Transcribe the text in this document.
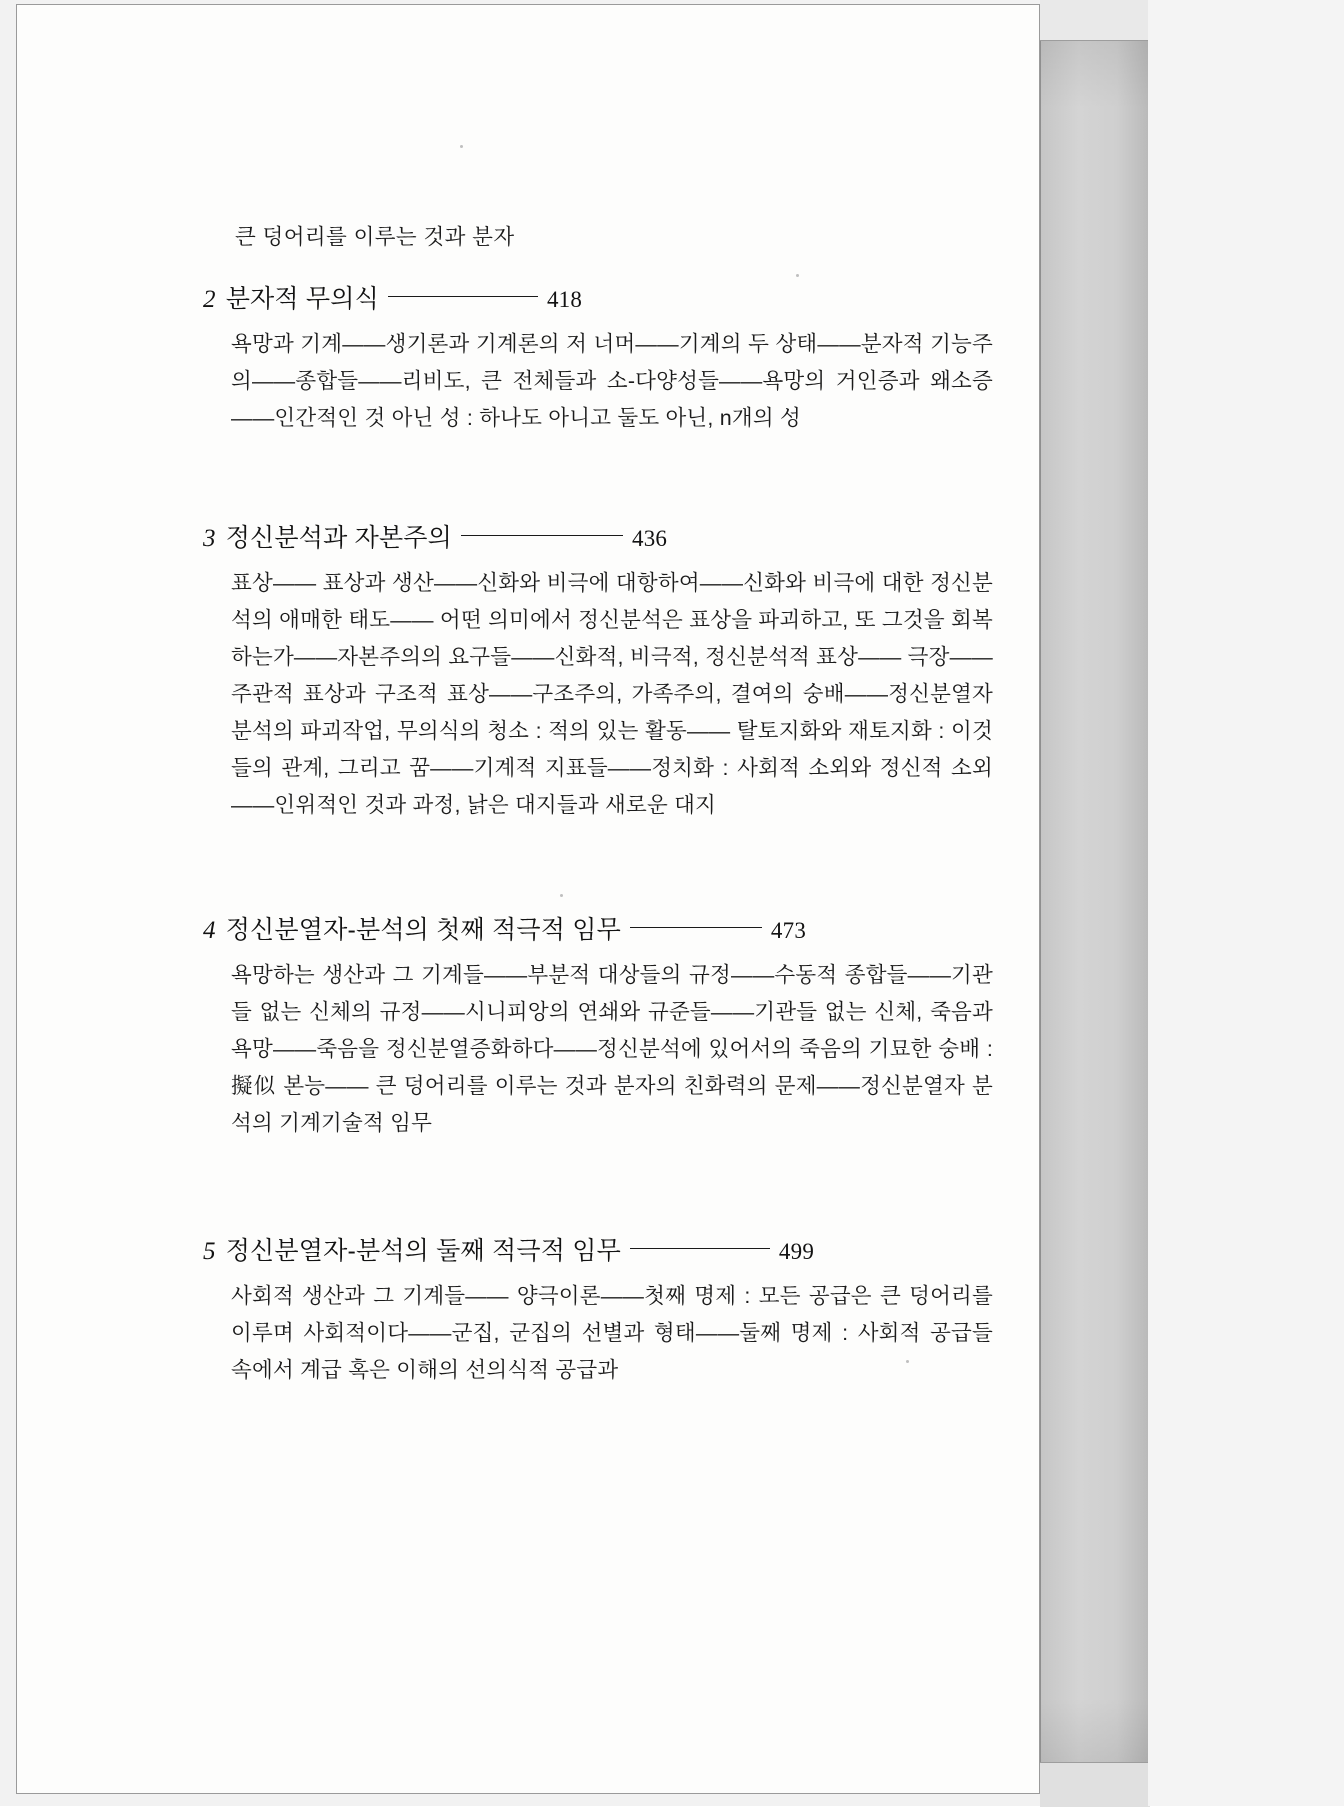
큰 덩어리를 이루는 것과 분자
2 분자적 무의식	418
욕망과 기계——생기론과 기계론의 저 너머——기계의 두 상태——분자적 기능주의——종합들——리비도, 큰 전체들과 소-다양성들——욕망의 거인증과 왜소증——인간적인 것 아닌 성 : 하나도 아니고 둘도 아닌, n개의 성
3 정신분석과 자본주의	436
표상—— 표상과 생산——신화와 비극에 대항하여——신화와 비극에 대한 정신분석의 애매한 태도—— 어떤 의미에서 정신분석은 표상을 파괴하고, 또 그것을 회복하는가——자본주의의 요구들——신화적, 비극적, 정신분석적 표상—— 극장—— 주관적 표상과 구조적 표상——구조주의, 가족주의, 결여의 숭배——정신분열자 분석의 파괴작업, 무의식의 청소 : 적의 있는 활동—— 탈토지화와 재토지화 : 이것들의 관계, 그리고 꿈——기계적 지표들——정치화 : 사회적 소외와 정신적 소외——인위적인 것과 과정, 낡은 대지들과 새로운 대지
4 정신분열자-분석의 첫째 적극적 임무	473
욕망하는 생산과 그 기계들——부분적 대상들의 규정——수동적 종합들——기관들 없는 신체의 규정——시니피앙의 연쇄와 규준들——기관들 없는 신체, 죽음과 욕망——죽음을 정신분열증화하다——정신분석에 있어서의 죽음의 기묘한 숭배 : 擬似 본능—— 큰 덩어리를 이루는 것과 분자의 친화력의 문제——정신분열자 분석의 기계기술적 임무
5 정신분열자-분석의 둘째 적극적 임무	499
사회적 생산과 그 기계들—— 양극이론——첫째 명제 : 모든 공급은 큰 덩어리를 이루며 사회적이다——군집, 군집의 선별과 형태——둘째 명제 : 사회적 공급들 속에서 계급 혹은 이해의 선의식적 공급과
